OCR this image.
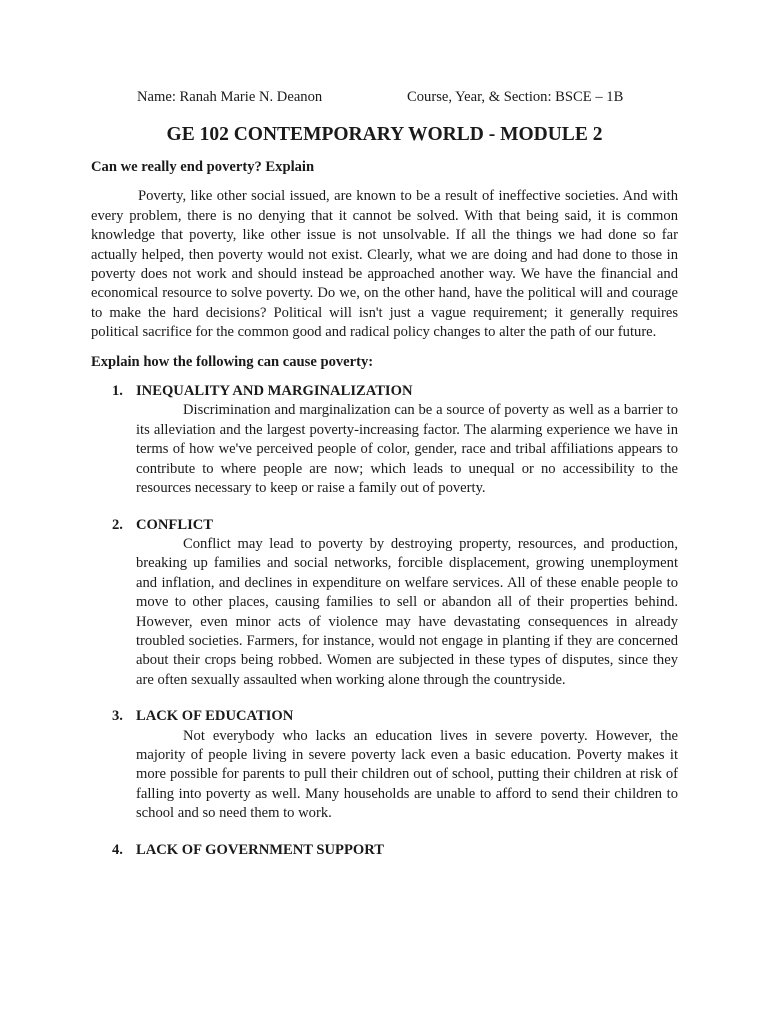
Name: Ranah Marie N. Deanon	Course, Year, & Section: BSCE – 1B
GE 102 CONTEMPORARY WORLD - MODULE 2
Can we really end poverty? Explain

Poverty, like other social issued, are known to be a result of ineffective societies. And with every problem, there is no denying that it cannot be solved. With that being said, it is common knowledge that poverty, like other issue is not unsolvable. If all the things we had done so far actually helped, then poverty would not exist. Clearly, what we are doing and had done to those in poverty does not work and should instead be approached another way. We have the financial and economical resource to solve poverty. Do we, on the other hand, have the political will and courage to make the hard decisions? Political will isn't just a vague requirement; it generally requires political sacrifice for the common good and radical policy changes to alter the path of our future.

Explain how the following can cause poverty:
1. INEQUALITY AND MARGINALIZATION

Discrimination and marginalization can be a source of poverty as well as a barrier to its alleviation and the largest poverty-increasing factor. The alarming experience we have in terms of how we've perceived people of color, gender, race and tribal affiliations appears to contribute to where people are now; which leads to unequal or no accessibility to the resources necessary to keep or raise a family out of poverty.

2. CONFLICT

Conflict may lead to poverty by destroying property, resources, and production, breaking up families and social networks, forcible displacement, growing unemployment and inflation, and declines in expenditure on welfare services. All of these enable people to move to other places, causing families to sell or abandon all of their properties behind. However, even minor acts of violence may have devastating consequences in already troubled societies. Farmers, for instance, would not engage in planting if they are concerned about their crops being robbed. Women are subjected in these types of disputes, since they are often sexually assaulted when working alone through the countryside.

3. LACK OF EDUCATION

Not everybody who lacks an education lives in severe poverty. However, the majority of people living in severe poverty lack even a basic education. Poverty makes it more possible for parents to pull their children out of school, putting their children at risk of falling into poverty as well. Many households are unable to afford to send their children to school and so need them to work.

4. LACK OF GOVERNMENT SUPPORT
